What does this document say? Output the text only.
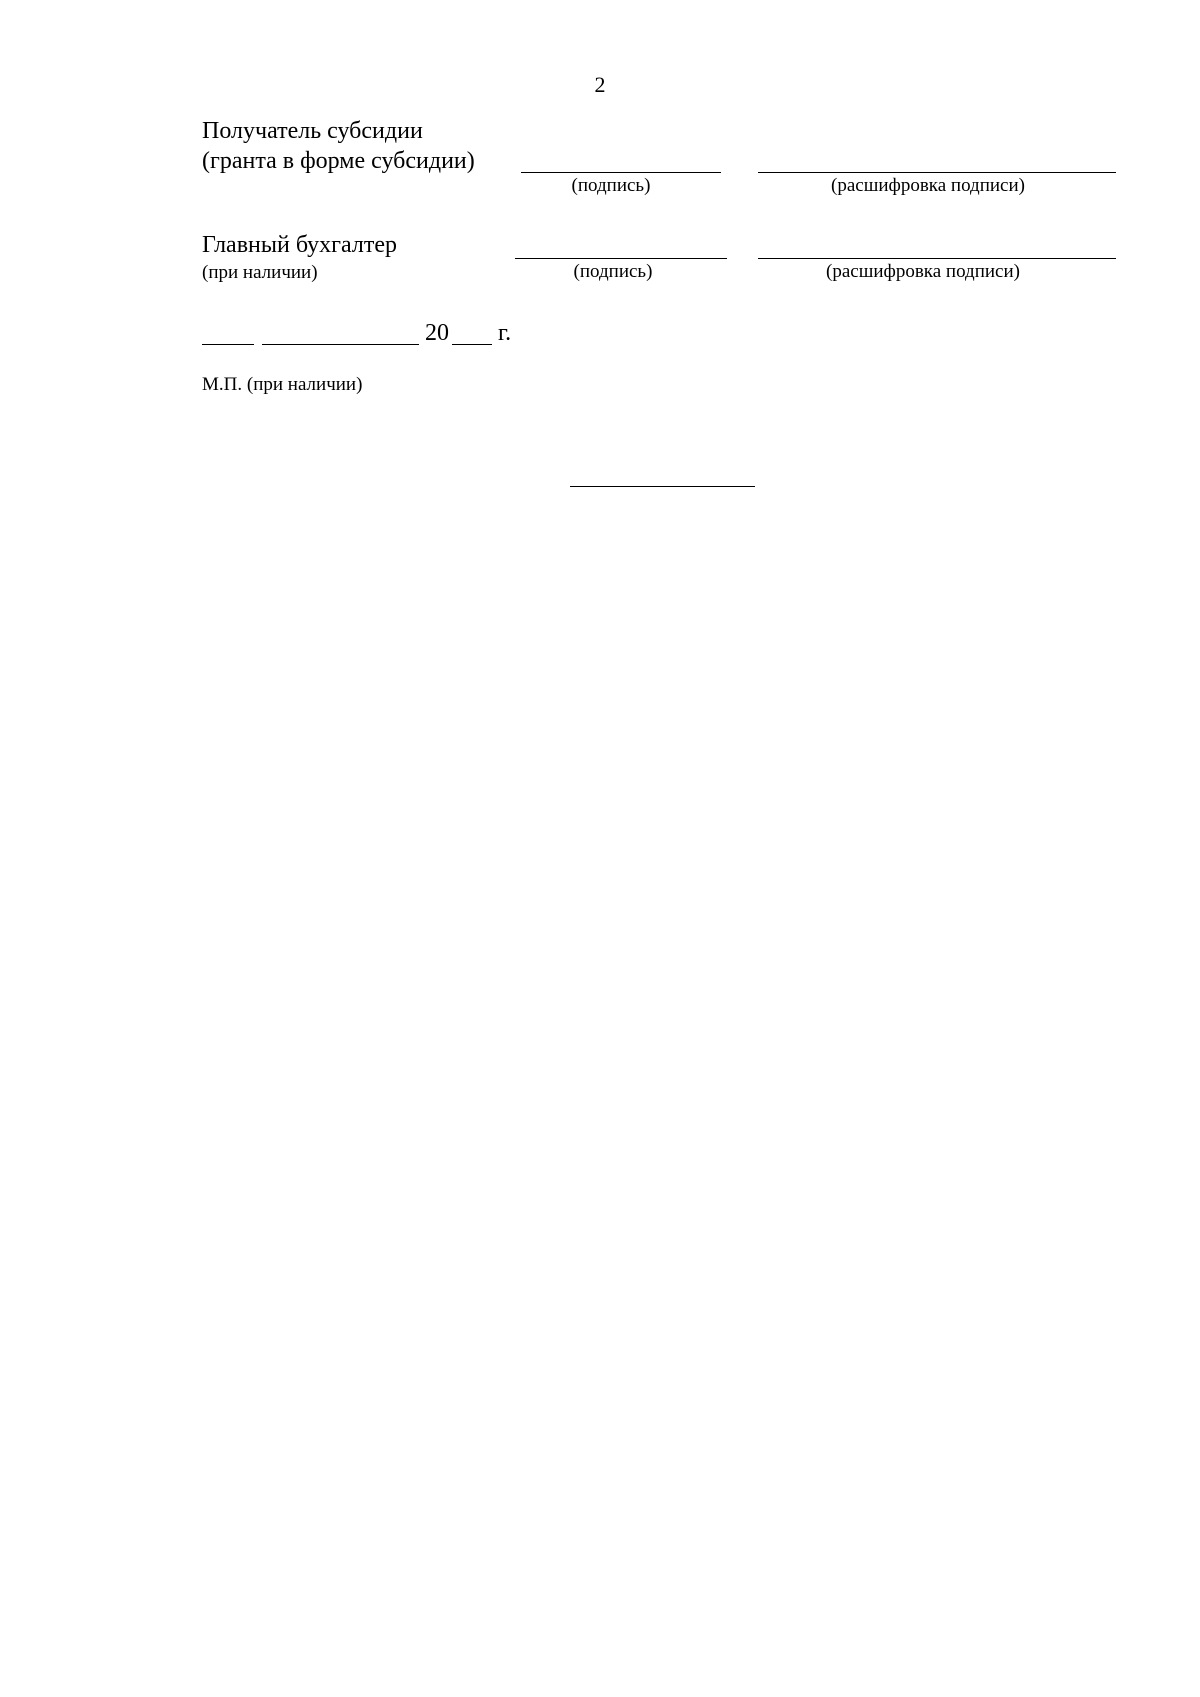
2
Получатель субсидии
(гранта в форме субсидии)
(подпись)	(расшифровка подписи)
Главный бухгалтер
(при наличии)	(подпись)	(расшифровка подписи)
20 г.
М.П. (при наличии)
